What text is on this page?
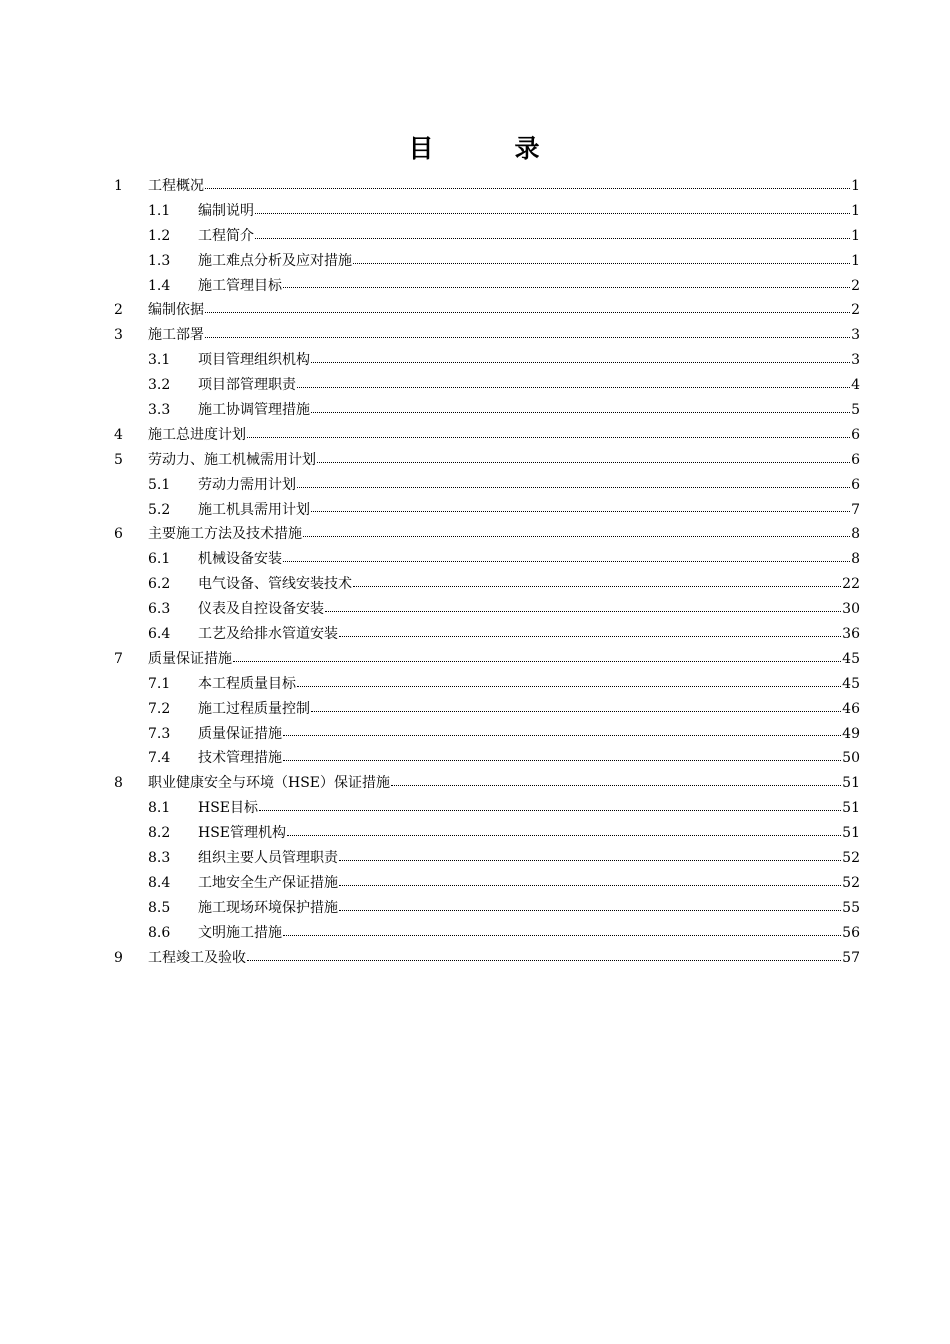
目　录
1	工程概况	1
1.1	编制说明	1
1.2	工程简介	1
1.3	施工难点分析及应对措施	1
1.4	施工管理目标	2
2	编制依据	2
3	施工部署	3
3.1	项目管理组织机构	3
3.2	项目部管理职责	4
3.3	施工协调管理措施	5
4	施工总进度计划	6
5	劳动力、施工机械需用计划	6
5.1	劳动力需用计划	6
5.2	施工机具需用计划	7
6	主要施工方法及技术措施	8
6.1	机械设备安装	8
6.2	电气设备、管线安装技术	22
6.3	仪表及自控设备安装	30
6.4	工艺及给排水管道安装	36
7	质量保证措施	45
7.1	本工程质量目标	45
7.2	施工过程质量控制	46
7.3	质量保证措施	49
7.4	技术管理措施	50
8	职业健康安全与环境（HSE）保证措施	51
8.1	HSE目标	51
8.2	HSE管理机构	51
8.3	组织主要人员管理职责	52
8.4	工地安全生产保证措施	52
8.5	施工现场环境保护措施	55
8.6	文明施工措施	56
9	工程竣工及验收	57
